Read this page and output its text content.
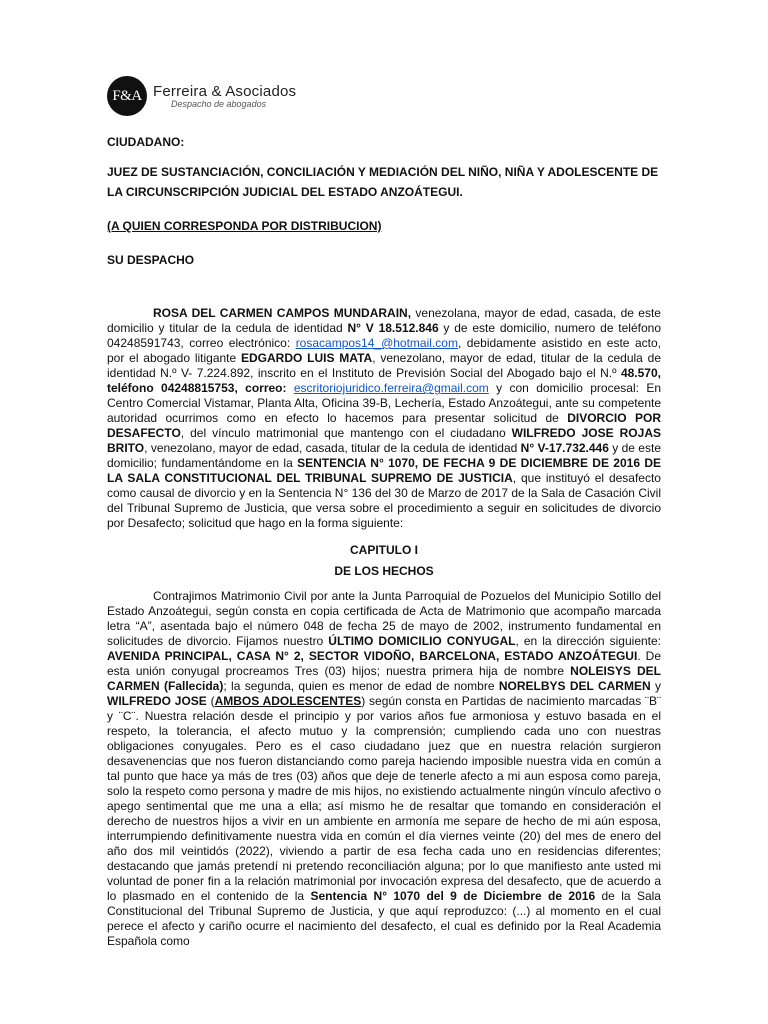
F&A Ferreira & Asociados
Despacho de abogados
CIUDADANO:
JUEZ DE SUSTANCIACIÓN, CONCILIACIÓN Y MEDIACIÓN DEL NIÑO, NIÑA Y ADOLESCENTE DE LA CIRCUNSCRIPCIÓN JUDICIAL DEL ESTADO ANZOÁTEGUI.
(A QUIEN CORRESPONDA POR DISTRIBUCION)
SU DESPACHO

ROSA DEL CARMEN CAMPOS MUNDARAIN, venezolana, mayor de edad, casada, de este domicilio y titular de la cedula de identidad N° V 18.512.846 y de este domicilio, numero de teléfono 04248591743, correo electrónico: rosacampos14_@hotmail.com, debidamente asistido en este acto, por el abogado litigante EDGARDO LUIS MATA, venezolano, mayor de edad, titular de la cedula de identidad N.º V- 7.224.892, inscrito en el Instituto de Previsión Social del Abogado bajo el N.º 48.570, teléfono 04248815753, correo: escritoriojuridico.ferreira@gmail.com y con domicilio procesal: En Centro Comercial Vistamar, Planta Alta, Oficina 39-B, Lechería, Estado Anzoátegui, ante su competente autoridad ocurrimos como en efecto lo hacemos para presentar solicitud de DIVORCIO POR DESAFECTO, del vínculo matrimonial que mantengo con el ciudadano WILFREDO JOSE ROJAS BRITO, venezolano, mayor de edad, casada, titular de la cedula de identidad N° V-17.732.446 y de este domicilio; fundamentándome en la SENTENCIA N° 1070, DE FECHA 9 DE DICIEMBRE DE 2016 DE LA SALA CONSTITUCIONAL DEL TRIBUNAL SUPREMO DE JUSTICIA, que instituyó el desafecto como causal de divorcio y en la Sentencia N° 136 del 30 de Marzo de 2017 de la Sala de Casación Civil del Tribunal Supremo de Justicia, que versa sobre el procedimiento a seguir en solicitudes de divorcio por Desafecto; solicitud que hago en la forma siguiente:

CAPITULO I
DE LOS HECHOS

Contrajimos Matrimonio Civil por ante la Junta Parroquial de Pozuelos del Municipio Sotillo del Estado Anzoátegui, según consta en copia certificada de Acta de Matrimonio que acompaño marcada letra “A”, asentada bajo el número 048 de fecha 25 de mayo de 2002, instrumento fundamental en solicitudes de divorcio. Fijamos nuestro ÚLTIMO DOMICILIO CONYUGAL, en la dirección siguiente: AVENIDA PRINCIPAL, CASA N° 2, SECTOR VIDOÑO, BARCELONA, ESTADO ANZOÁTEGUI. De esta unión conyugal procreamos Tres (03) hijos; nuestra primera hija de nombre NOLEISYS DEL CARMEN (Fallecida); la segunda, quien es menor de edad de nombre NORELBYS DEL CARMEN y WILFREDO JOSE (AMBOS ADOLESCENTES) según consta en Partidas de nacimiento marcadas ¨B¨ y ¨C¨. Nuestra relación desde el principio y por varios años fue armoniosa y estuvo basada en el respeto, la tolerancia, el afecto mutuo y la comprensión; cumpliendo cada uno con nuestras obligaciones conyugales. Pero es el caso ciudadano juez que en nuestra relación surgieron desavenencias que nos fueron distanciando como pareja haciendo imposible nuestra vida en común a tal punto que hace ya más de tres (03) años que deje de tenerle afecto a mi aun esposa como pareja, solo la respeto como persona y madre de mis hijos, no existiendo actualmente ningún vínculo afectivo o apego sentimental que me una a ella; así mismo he de resaltar que tomando en consideración el derecho de nuestros hijos a vivir en un ambiente en armonía me separe de hecho de mi aún esposa, interrumpiendo definitivamente nuestra vida en común el día viernes veinte (20) del mes de enero del año dos mil veintidós (2022), viviendo a partir de esa fecha cada uno en residencias diferentes; destacando que jamás pretendí ni pretendo reconciliación alguna; por lo que manifiesto ante usted mi voluntad de poner fin a la relación matrimonial por invocación expresa del desafecto, que de acuerdo a lo plasmado en el contenido de la Sentencia N° 1070 del 9 de Diciembre de 2016 de la Sala Constitucional del Tribunal Supremo de Justicia, y que aquí reproduzco: (...) al momento en el cual perece el afecto y cariño ocurre el nacimiento del desafecto, el cual es definido por la Real Academia Española como
